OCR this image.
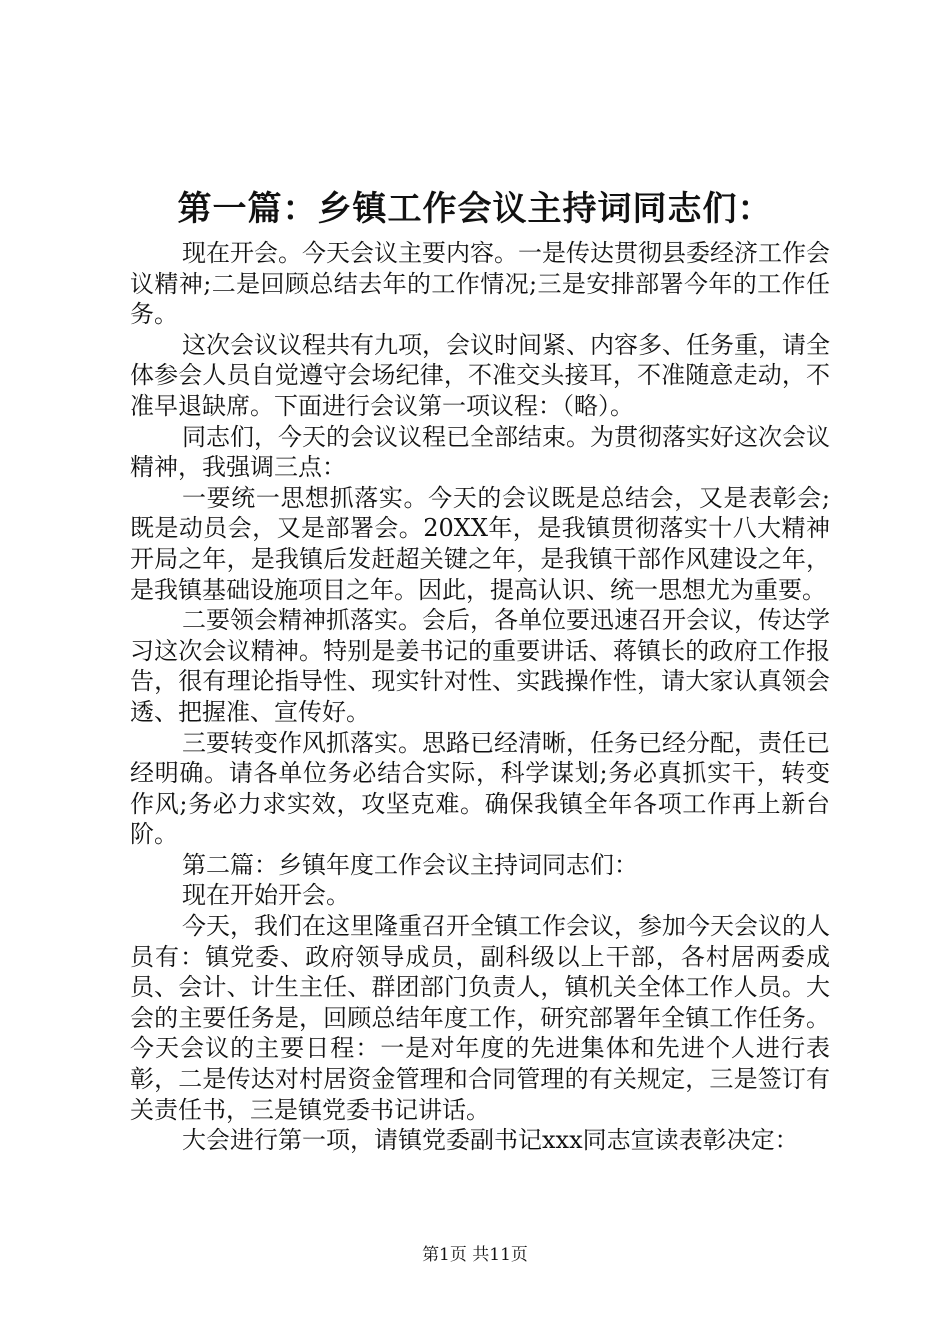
第一篇：乡镇工作会议主持词同志们：

现在开会。今天会议主要内容。一是传达贯彻县委经济工作会议精神;二是回顾总结去年的工作情况;三是安排部署今年的工作任务。

这次会议议程共有九项，会议时间紧、内容多、任务重，请全体参会人员自觉遵守会场纪律，不准交头接耳，不准随意走动，不准早退缺席。下面进行会议第一项议程：（略）。

同志们，今天的会议议程已全部结束。为贯彻落实好这次会议精神，我强调三点：

一要统一思想抓落实。今天的会议既是总结会，又是表彰会;既是动员会，又是部署会。20XX年，是我镇贯彻落实十八大精神开局之年，是我镇后发赶超关键之年，是我镇干部作风建设之年，是我镇基础设施项目之年。因此，提高认识、统一思想尤为重要。

二要领会精神抓落实。会后，各单位要迅速召开会议，传达学习这次会议精神。特别是姜书记的重要讲话、蒋镇长的政府工作报告，很有理论指导性、现实针对性、实践操作性，请大家认真领会透、把握准、宣传好。

三要转变作风抓落实。思路已经清晰，任务已经分配，责任已经明确。请各单位务必结合实际，科学谋划;务必真抓实干，转变作风;务必力求实效，攻坚克难。确保我镇全年各项工作再上新台阶。

第二篇：乡镇年度工作会议主持词同志们：

现在开始开会。

今天，我们在这里隆重召开全镇工作会议，参加今天会议的人员有：镇党委、政府领导成员，副科级以上干部，各村居两委成员、会计、计生主任、群团部门负责人，镇机关全体工作人员。大会的主要任务是，回顾总结年度工作，研究部署年全镇工作任务。今天会议的主要日程：一是对年度的先进集体和先进个人进行表彰，二是传达对村居资金管理和合同管理的有关规定，三是签订有关责任书，三是镇党委书记讲话。

大会进行第一项，请镇党委副书记xxx同志宣读表彰决定：

第1页 共11页
